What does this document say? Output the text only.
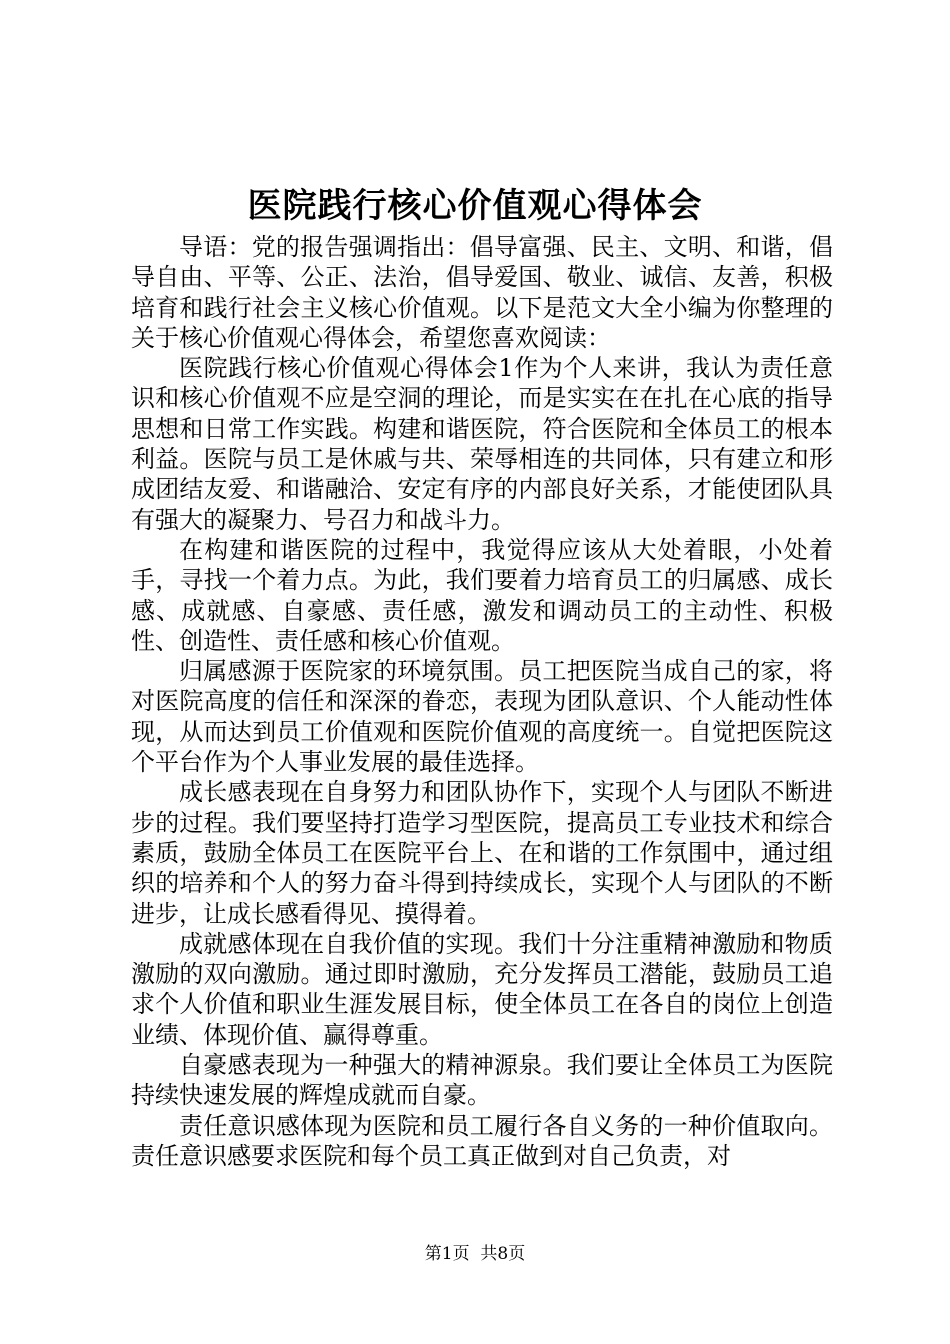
医院践行核心价值观心得体会

导语：党的报告强调指出：倡导富强、民主、文明、和谐，倡导自由、平等、公正、法治，倡导爱国、敬业、诚信、友善，积极培育和践行社会主义核心价值观。以下是范文大全小编为你整理的关于核心价值观心得体会，希望您喜欢阅读：

医院践行核心价值观心得体会1作为个人来讲，我认为责任意识和核心价值观不应是空洞的理论，而是实实在在扎在心底的指导思想和日常工作实践。构建和谐医院，符合医院和全体员工的根本利益。医院与员工是休戚与共、荣辱相连的共同体，只有建立和形成团结友爱、和谐融洽、安定有序的内部良好关系，才能使团队具有强大的凝聚力、号召力和战斗力。

在构建和谐医院的过程中，我觉得应该从大处着眼，小处着手，寻找一个着力点。为此，我们要着力培育员工的归属感、成长感、成就感、自豪感、责任感，激发和调动员工的主动性、积极性、创造性、责任感和核心价值观。

归属感源于医院家的环境氛围。员工把医院当成自己的家，将对医院高度的信任和深深的眷恋，表现为团队意识、个人能动性体现，从而达到员工价值观和医院价值观的高度统一。自觉把医院这个平台作为个人事业发展的最佳选择。

成长感表现在自身努力和团队协作下，实现个人与团队不断进步的过程。我们要坚持打造学习型医院，提高员工专业技术和综合素质，鼓励全体员工在医院平台上、在和谐的工作氛围中，通过组织的培养和个人的努力奋斗得到持续成长，实现个人与团队的不断进步，让成长感看得见、摸得着。

成就感体现在自我价值的实现。我们十分注重精神激励和物质激励的双向激励。通过即时激励，充分发挥员工潜能，鼓励员工追求个人价值和职业生涯发展目标，使全体员工在各自的岗位上创造业绩、体现价值、赢得尊重。

自豪感表现为一种强大的精神源泉。我们要让全体员工为医院持续快速发展的辉煌成就而自豪。

责任意识感体现为医院和员工履行各自义务的一种价值取向。责任意识感要求医院和每个员工真正做到对自己负责，对

第1页  共8页
